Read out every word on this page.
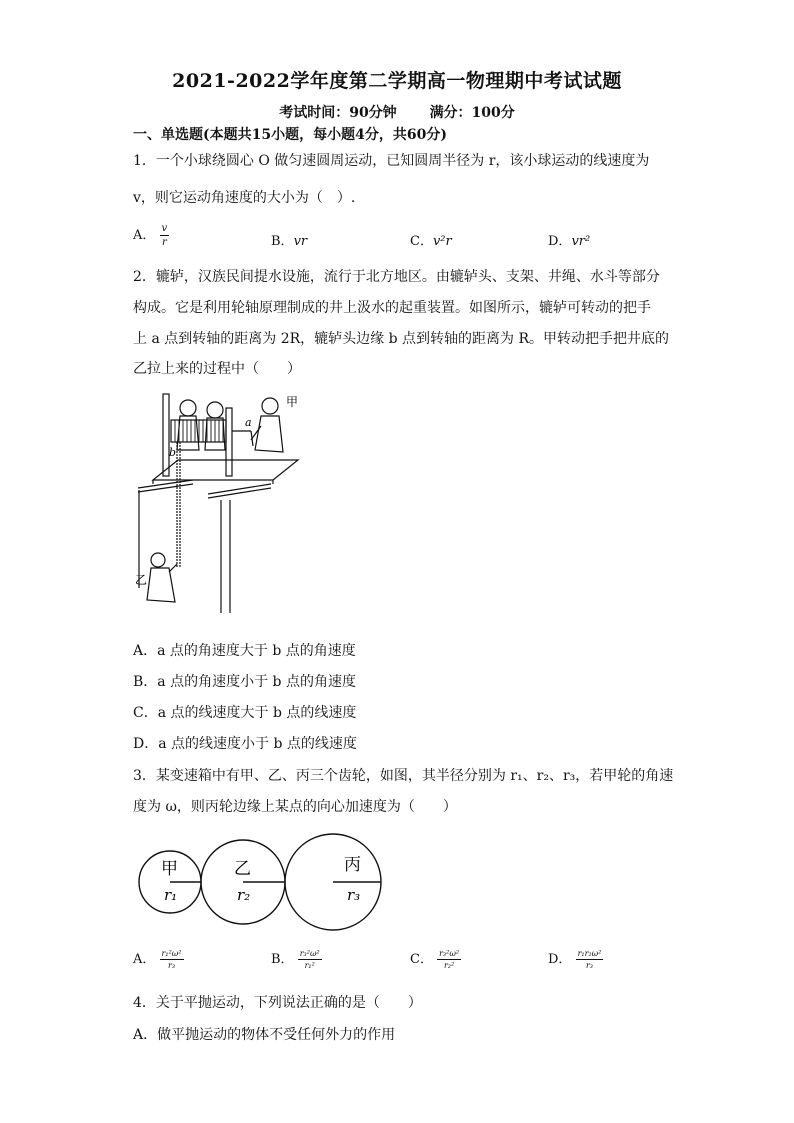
2021-2022学年度第二学期高一物理期中考试试题
考试时间：90分钟 满分：100分
一、单选题(本题共15小题，每小题4分，共60分)
1．一个小球绕圆心 O 做匀速圆周运动，已知圆周半径为 r，该小球运动的线速度为
v，则它运动角速度的大小为（　）.
A． $\frac{v}{r}$	B．vr	C．v²r	D．vr²
2．辘轳，汉族民间提水设施，流行于北方地区。由辘轳头、支架、井绳、水斗等部分
构成。它是利用轮轴原理制成的井上汲水的起重装置。如图所示，辘轳可转动的把手
上 a 点到转轴的距离为 2R，辘轳头边缘 b 点到转轴的距离为 R。甲转动把手把井底的
乙拉上来的过程中（　　）
甲
乙
a
b
A．a 点的角速度大于 b 点的角速度
B．a 点的角速度小于 b 点的角速度
C．a 点的线速度大于 b 点的线速度
D．a 点的线速度小于 b 点的线速度
3．某变速箱中有甲、乙、丙三个齿轮，如图，其半径分别为 r₁、r₂、r₃，若甲轮的角速
度为 ω，则丙轮边缘上某点的向心加速度为（　　）
甲
r₁
乙
r₂
丙
r₃
A． $\frac{\text{r₁²ω²}}{\text{r₃}}$	B． $\frac{\text{r₃²ω²}}{\text{r₁²}}$	C． $\frac{\text{r₃²ω²}}{\text{r₂²}}$	D． $\frac{\text{r₁r₂ω²}}{\text{r₃}}$
4．关于平抛运动，下列说法正确的是（　　）
A．做平抛运动的物体不受任何外力的作用
